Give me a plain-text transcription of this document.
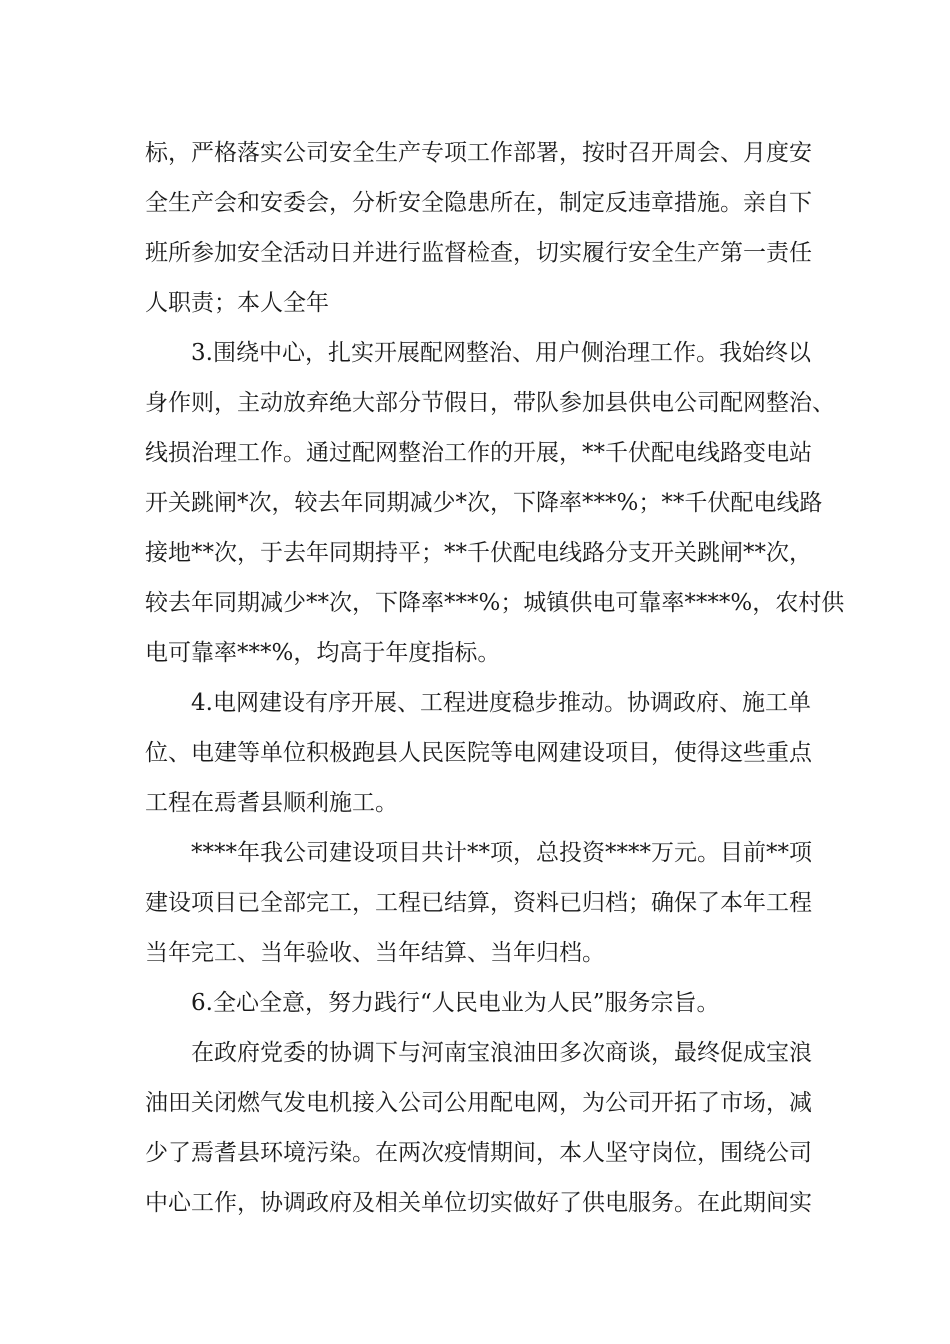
标，严格落实公司安全生产专项工作部署，按时召开周会、月度安
全生产会和安委会，分析安全隐患所在，制定反违章措施。亲自下
班所参加安全活动日并进行监督检查，切实履行安全生产第一责任
人职责；本人全年
3.围绕中心，扎实开展配网整治、用户侧治理工作。我始终以
身作则，主动放弃绝大部分节假日，带队参加县供电公司配网整治、
线损治理工作。通过配网整治工作的开展，**千伏配电线路变电站
开关跳闸*次，较去年同期减少*次，下降率***%；**千伏配电线路
接地**次，于去年同期持平；**千伏配电线路分支开关跳闸**次，
较去年同期减少**次，下降率***%；城镇供电可靠率****%，农村供
电可靠率***%，均高于年度指标。
4.电网建设有序开展、工程进度稳步推动。协调政府、施工单
位、电建等单位积极跑县人民医院等电网建设项目，使得这些重点
工程在焉耆县顺利施工。
****年我公司建设项目共计**项，总投资****万元。目前**项
建设项目已全部完工，工程已结算，资料已归档；确保了本年工程
当年完工、当年验收、当年结算、当年归档。
6.全心全意，努力践行“人民电业为人民”服务宗旨。
在政府党委的协调下与河南宝浪油田多次商谈，最终促成宝浪
油田关闭燃气发电机接入公司公用配电网，为公司开拓了市场，减
少了焉耆县环境污染。在两次疫情期间，本人坚守岗位，围绕公司
中心工作，协调政府及相关单位切实做好了供电服务。在此期间实
